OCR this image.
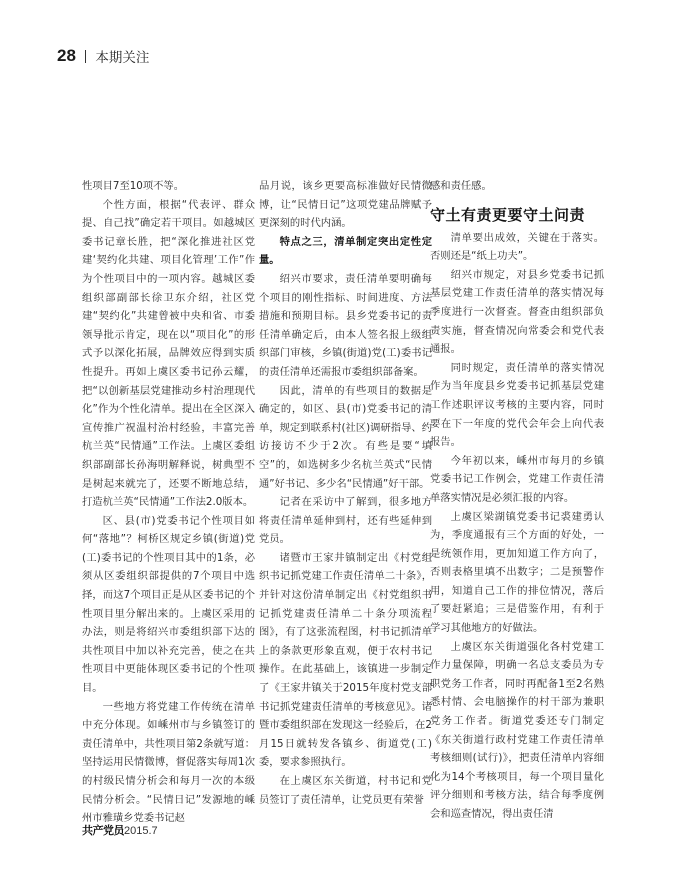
28 本期关注

性项目7至10项不等。

个性方面，根据“代表评、群众提、自己找”确定若干项目。如越城区委书记章长胜，把“深化推进社区党建‘契约化共建、项目化管理’工作”作为个性项目中的一项内容。越城区委组织部副部长徐卫东介绍，社区党建“契约化”共建曾被中央和省、市委领导批示肯定，现在以“项目化”的形式予以深化拓展，品牌效应得到实质性提升。再如上虞区委书记孙云耀，把“以创新基层党建推动乡村治理现代化”作为个性化清单。提出在全区深入宣传推广祝温村治村经验，丰富完善杭兰英“民情通”工作法。上虞区委组织部副部长孙海明解释说，树典型不是树起来就完了，还要不断地总结，打造杭兰英“民情通”工作法2.0版本。

区、县(市)党委书记个性项目如何“落地”？柯桥区规定乡镇(街道)党(工)委书记的个性项目其中的1条，必须从区委组织部提供的7个项目中选择，而这7个项目正是从区委书记的个性项目里分解出来的。上虞区采用的办法，则是将绍兴市委组织部下达的共性项目中加以补充完善，使之在共性项目中更能体现区委书记的个性项目。

一些地方将党建工作传统在清单中充分体现。如嵊州市与乡镇签订的责任清单中，共性项目第2条就写道：坚持运用民情微博，督促落实每周1次的村级民情分析会和每月一次的本级民情分析会。“民情日记”发源地的嵊州市雅璜乡党委书记赵

品月说，该乡更要高标准做好民情微博，让“民情日记”这项党建品牌赋予更深刻的时代内涵。

特点之三，清单制定突出定性定量。

绍兴市要求，责任清单要明确每个项目的刚性指标、时间进度、方法措施和预期目标。县乡党委书记的责任清单确定后，由本人签名报上级组织部门审核，乡镇(街道)党(工)委书记的责任清单还需报市委组织部备案。

因此，清单的有些项目的数据是确定的，如区、县(市)党委书记的清单，规定到联系村(社区)调研指导、约访接访不少于2次。有些是要“填空”的，如选树多少名杭兰英式“民情通”好书记、多少名“民情通”好干部。

记者在采访中了解到，很多地方将责任清单延伸到村，还有些延伸到党员。

诸暨市王家井镇制定出《村党组织书记抓党建工作责任清单二十条》，并针对这份清单制定出《村党组织书记抓党建责任清单二十条分项流程图》，有了这张流程图，村书记抓清单上的条款更形象直观，便于农村书记操作。在此基础上，该镇进一步制定了《王家井镇关于2015年度村党支部书记抓党建责任清单的考核意见》。诸暨市委组织部在发现这一经验后，在2月15日就转发各镇乡、街道党(工)委，要求参照执行。

在上虞区东关街道，村书记和党员签订了责任清单，让党员更有荣誉

感和责任感。

守土有责更要守土问责

清单要出成效，关键在于落实。否则还是“纸上功夫”。

绍兴市规定，对县乡党委书记抓基层党建工作责任清单的落实情况每季度进行一次督查。督查由组织部负责实施，督查情况向常委会和党代表通报。

同时规定，责任清单的落实情况作为当年度县乡党委书记抓基层党建工作述职评议考核的主要内容，同时要在下一年度的党代会年会上向代表报告。

今年初以来，嵊州市每月的乡镇党委书记工作例会，党建工作责任清单落实情况是必须汇报的内容。

上虞区梁湖镇党委书记裘建勇认为，季度通报有三个方面的好处，一是统领作用，更加知道工作方向了，否则表格里填不出数字；二是预警作用，知道自己工作的排位情况，落后了要赶紧追；三是借鉴作用，有利于学习其他地方的好做法。

上虞区东关街道强化各村党建工作力量保障，明确一名总支委员为专职党务工作者，同时再配备1至2名熟悉村情、会电脑操作的村干部为兼职党务工作者。街道党委还专门制定《东关街道行政村党建工作责任清单考核细则(试行)》，把责任清单内容细化为14个考核项目，每一个项目量化评分细则和考核方法，结合每季度例会和巡查情况，得出责任清

共产党员 2015.7
